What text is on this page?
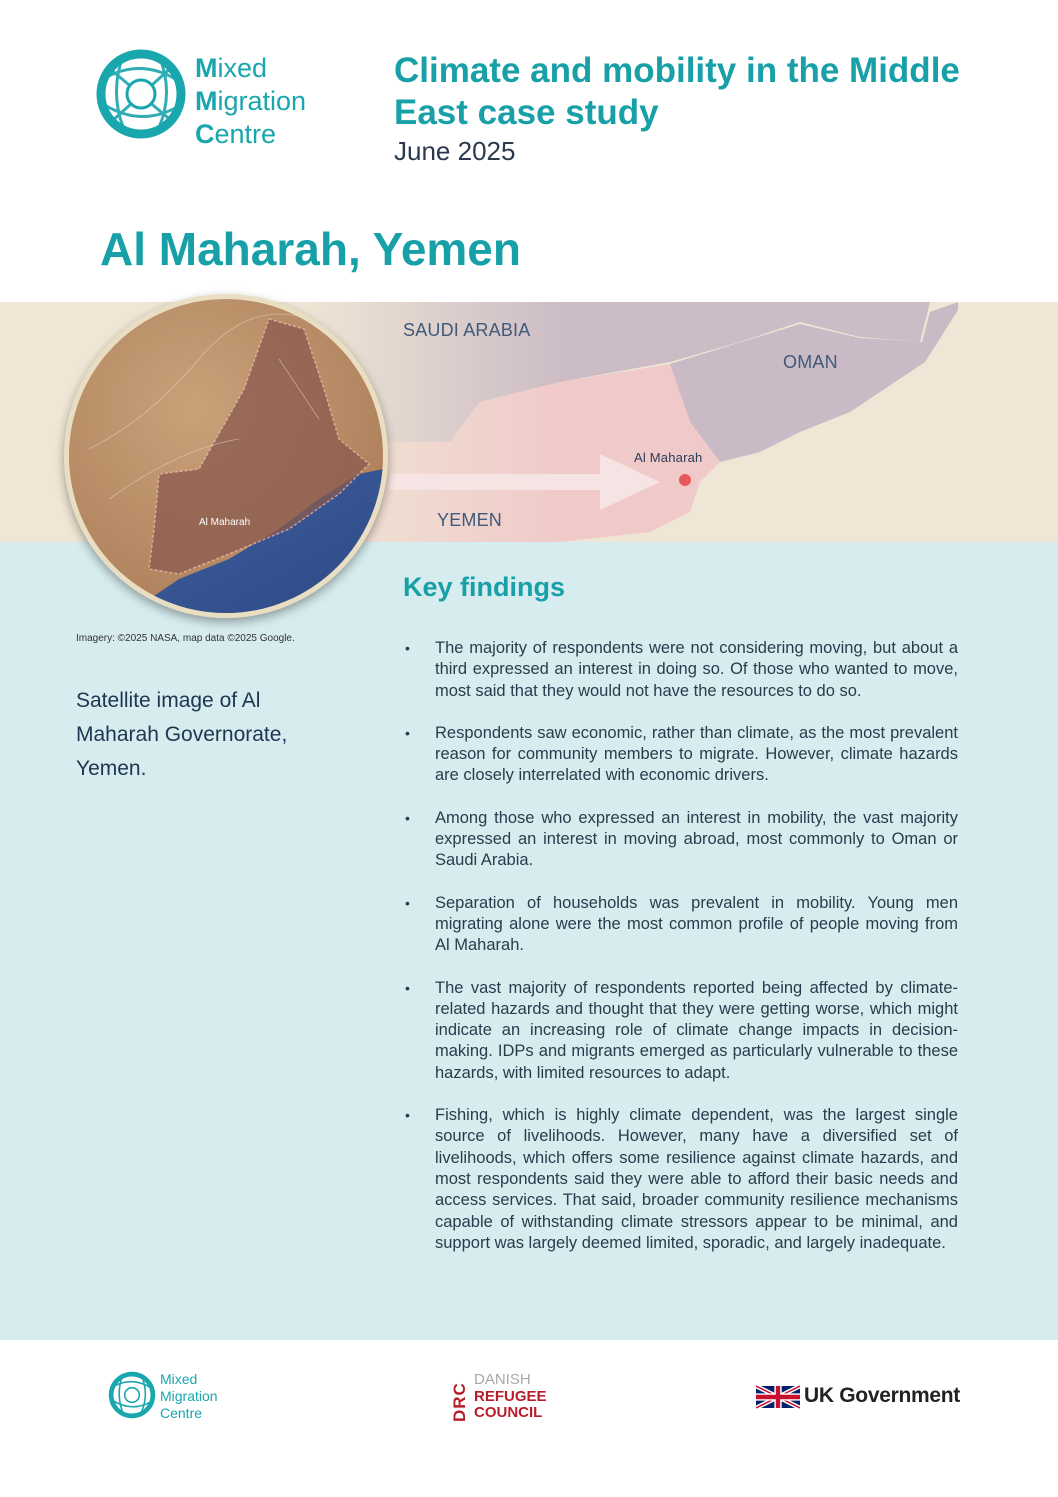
Mixed
Migration
Centre
Climate and mobility in the Middle East case study
June 2025
Al Maharah, Yemen
SAUDI ARABIA
OMAN
YEMEN
Al Maharah
Al Maharah
Imagery: ©2025 NASA, map data ©2025 Google.
Satellite image of Al Maharah Governorate, Yemen.
Key findings
• The majority of respondents were not considering moving, but about a third expressed an interest in doing so. Of those who wanted to move, most said that they would not have the resources to do so.
• Respondents saw economic, rather than climate, as the most prevalent reason for community members to migrate. However, climate hazards are closely interrelated with economic drivers.
• Among those who expressed an interest in mobility, the vast majority expressed an interest in moving abroad, most commonly to Oman or Saudi Arabia.
• Separation of households was prevalent in mobility. Young men migrating alone were the most common profile of people moving from Al Maharah.
• The vast majority of respondents reported being affected by climate-related hazards and thought that they were getting worse, which might indicate an increasing role of climate change impacts in decision-making. IDPs and migrants emerged as particularly vulnerable to these hazards, with limited resources to adapt.
• Fishing, which is highly climate dependent, was the largest single source of livelihoods. However, many have a diversified set of livelihoods, which offers some resilience against climate hazards, and most respondents said they were able to afford their basic needs and access services. That said, broader community resilience mechanisms capable of withstanding climate stressors appear to be minimal, and support was largely deemed limited, sporadic, and largely inadequate.
Mixed
Migration
Centre	DRC
DANISH
REFUGEE
COUNCIL
UK Government
